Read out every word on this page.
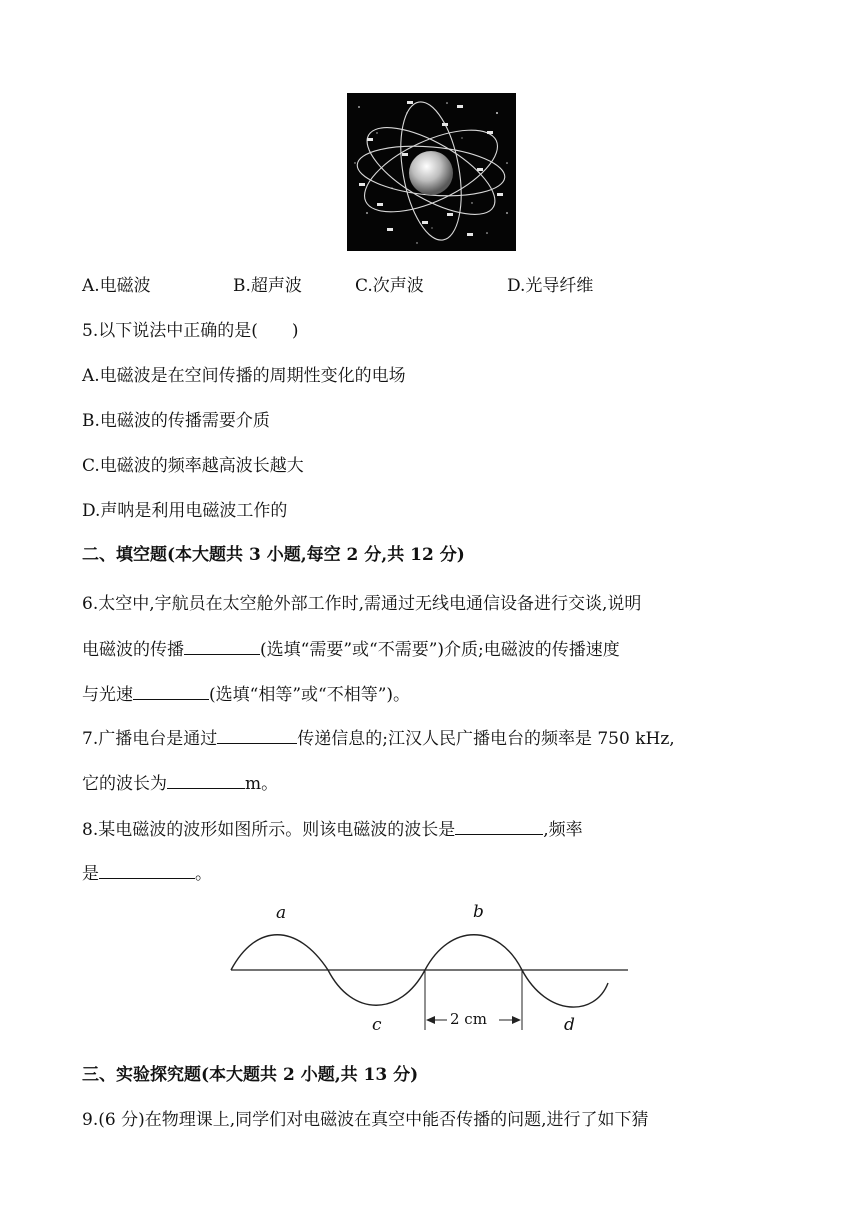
A.电磁波	B.超声波	C.次声波	D.光导纤维
5.以下说法中正确的是(　　)
A.电磁波是在空间传播的周期性变化的电场
B.电磁波的传播需要介质
C.电磁波的频率越高波长越大
D.声呐是利用电磁波工作的
二、填空题(本大题共 3 小题,每空 2 分,共 12 分)
6.太空中,宇航员在太空舱外部工作时,需通过无线电通信设备进行交谈,说明
电磁波的传播	(选填“需要”或“不需要”)介质;电磁波的传播速度
与光速	(选填“相等”或“不相等”)。
7.广播电台是通过	传递信息的;江汉人民广播电台的频率是 750 kHz,
它的波长为	m。
8.某电磁波的波形如图所示。则该电磁波的波长是	,频率
是	。
a	b
c	d
2 cm
三、实验探究题(本大题共 2 小题,共 13 分)
9.(6 分)在物理课上,同学们对电磁波在真空中能否传播的问题,进行了如下猜
